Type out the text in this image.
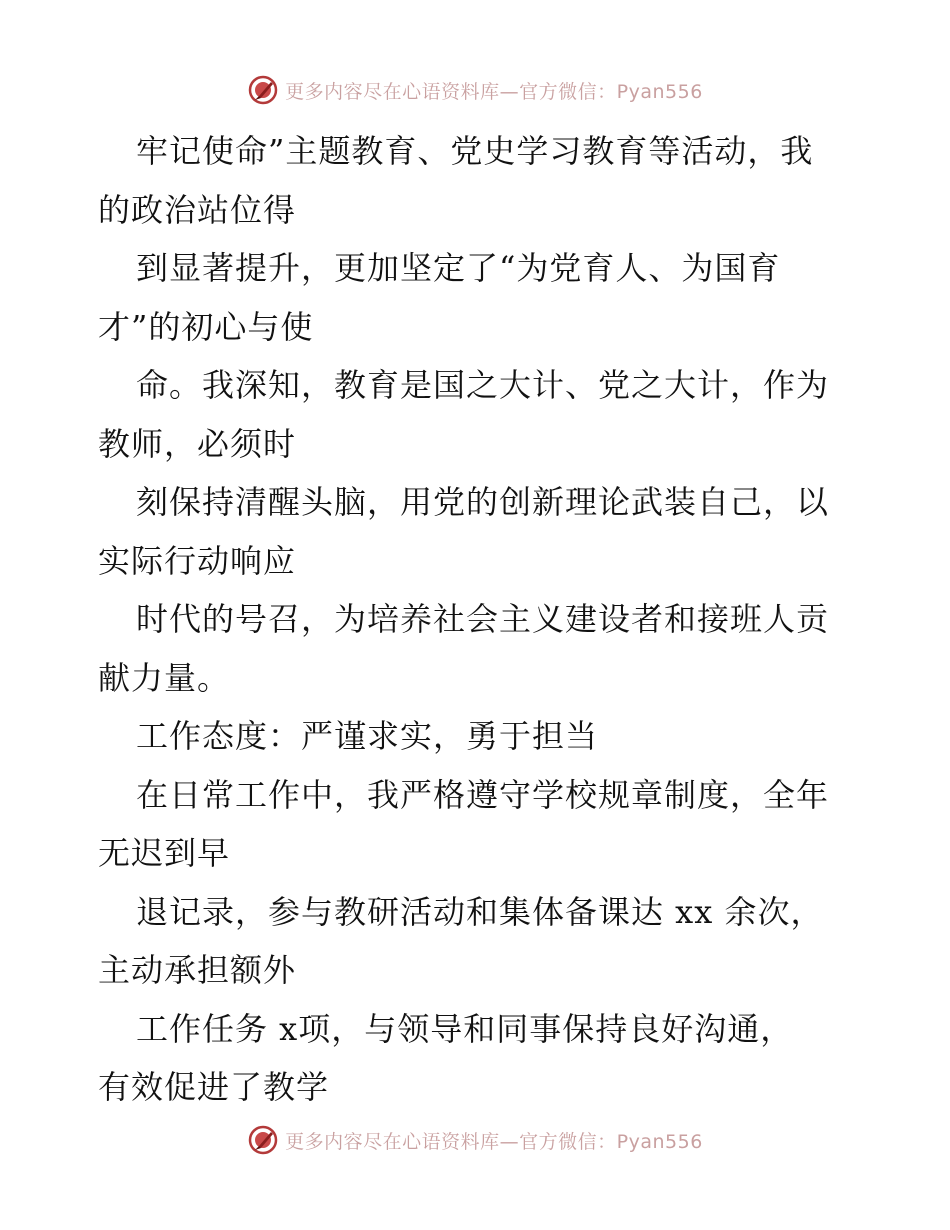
更多内容尽在心语资料库—官方微信：Pyan556
牢记使命”主题教育、党史学习教育等活动，我
的政治站位得
到显著提升，更加坚定了“为党育人、为国育
才”的初心与使
命。我深知，教育是国之大计、党之大计，作为
教师，必须时
刻保持清醒头脑，用党的创新理论武装自己，以
实际行动响应
时代的号召，为培养社会主义建设者和接班人贡
献力量。
工作态度：严谨求实，勇于担当
在日常工作中，我严格遵守学校规章制度，全年
无迟到早
退记录，参与教研活动和集体备课达 xx 余次，
主动承担额外
工作任务 x项，与领导和同事保持良好沟通，
有效促进了教学
更多内容尽在心语资料库—官方微信：Pyan556
